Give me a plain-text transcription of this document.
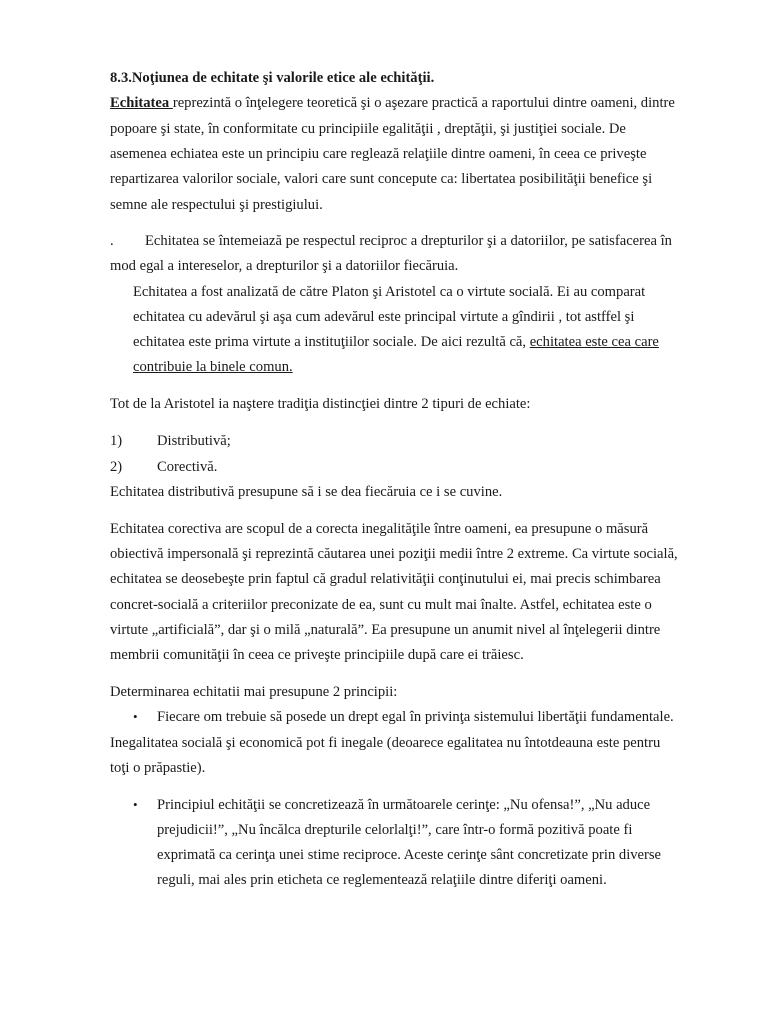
8.3.Noţiunea de echitate şi valorile etice ale echităţii.
Echitatea reprezintă o înţelegere teoretică şi o aşezare practică a raportului dintre oameni, dintre
popoare şi state, în conformitate cu principiile egalităţii , dreptăţii, şi justiţiei sociale. De
asemenea echiatea este un principiu care reglează relaţiile dintre oameni, în ceea ce priveşte
repartizarea valorilor sociale, valori care sunt concepute ca: libertatea posibilităţii benefice şi
semne ale respectului şi prestigiului.
. Echitatea se întemeiază pe respectul reciproc a drepturilor şi a datoriilor, pe satisfacerea în
mod egal a intereselor, a drepturilor şi a datoriilor fiecăruia.
Echitatea a fost analizată de către Platon şi Aristotel ca o virtute socială. Ei au comparat
echitatea cu adevărul şi aşa cum adevărul este principal virtute a gîndirii , tot astffel şi
echitatea este prima virtute a instituţiilor sociale. De aici rezultă că, echitatea este cea care
contribuie la binele comun.
Tot de la Aristotel ia naştere tradiţia distincţiei dintre 2 tipuri de echiate:
1) Distributivă;
2) Corectivă.
Echitatea distributivă presupune să i se dea fiecăruia ce i se cuvine.
Echitatea corectiva are scopul de a corecta inegalităţile între oameni, ea presupune o măsură
obiectivă impersonală şi reprezintă căutarea unei poziţii medii între 2 extreme. Ca virtute socială,
echitatea se deosebeşte prin faptul că gradul relativităţii conţinutului ei, mai precis schimbarea
concret-socială a criteriilor preconizate de ea, sunt cu mult mai înalte. Astfel, echitatea este o
virtute „artificială”, dar şi o milă „naturală”. Ea presupune un anumit nivel al înţelegerii dintre
membrii comunităţii în ceea ce priveşte principiile după care ei trăiesc.
Determinarea echitatii mai presupune 2 principii:
• Fiecare om trebuie să posede un drept egal în privinţa sistemului libertăţii fundamentale.
Inegalitatea socială şi economică pot fi inegale (deoarece egalitatea nu întotdeauna este pentru
toţi o prăpastie).
• Principiul echităţii se concretizează în următoarele cerinţe: „Nu ofensa!”, „Nu aduce
prejudicii!”, „Nu încălca drepturile celorlalţi!”, care într-o formă pozitivă poate fi
exprimată ca cerinţa unei stime reciproce. Aceste cerinţe sânt concretizate prin diverse
reguli, mai ales prin eticheta ce reglementează relaţiile dintre diferiţi oameni.
